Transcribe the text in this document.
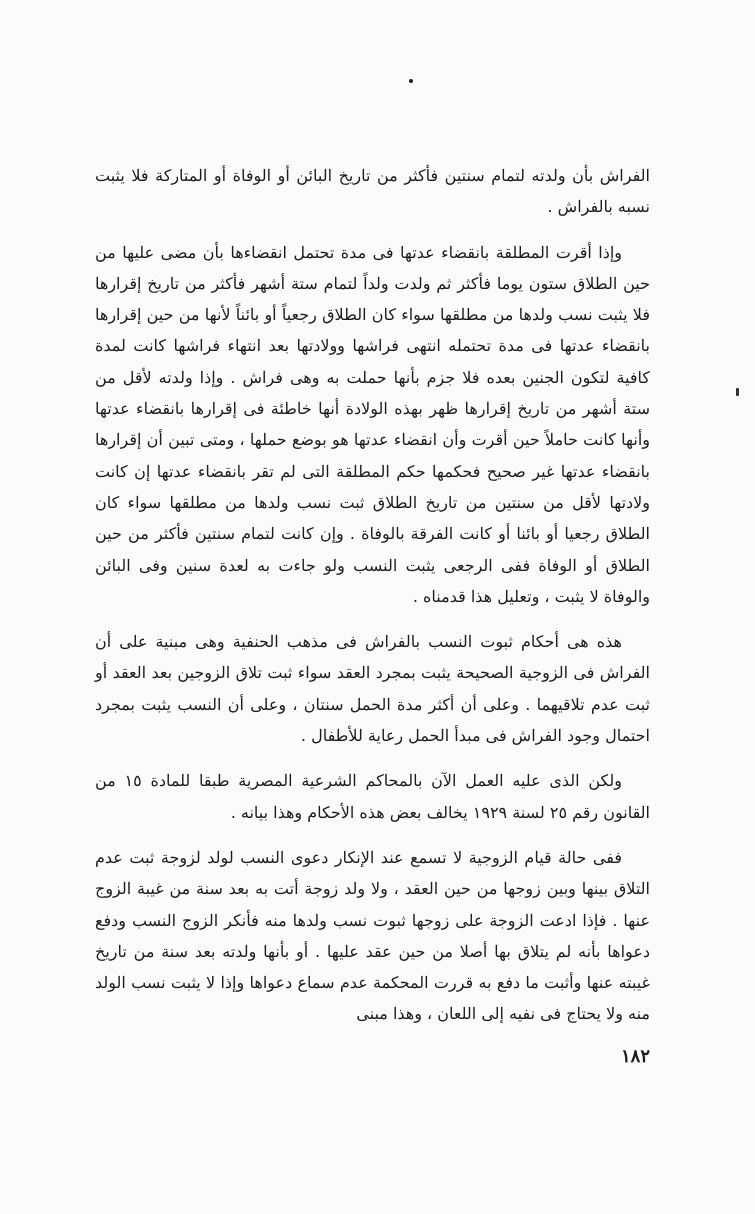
الفراش بأن ولدته لتمام سنتين فأكثر من تاريخ البائن أو الوفاة أو المتاركة فلا يثبت نسبه بالفراش .

وإذا أقرت المطلقة بانقضاء عدتها فى مدة تحتمل انقضاءها بأن مضى عليها من حين الطلاق ستون يوما فأكثر ثم ولدت ولداً لتمام ستة أشهر فأكثر من تاريخ إقرارها فلا يثبت نسب ولدها من مطلقها سواء كان الطلاق رجعياً أو بائناً لأنها من حين إقرارها بانقضاء عدتها فى مدة تحتمله انتهى فراشها وولادتها بعد انتهاء فراشها كانت لمدة كافية لتكون الجنين بعده فلا جزم بأنها حملت به وهى فراش . وإذا ولدته لأقل من ستة أشهر من تاريخ إقرارها ظهر بهذه الولادة أنها خاطئة فى إقرارها بانقضاء عدتها وأنها كانت حاملاً حين أقرت وأن انقضاء عدتها هو بوضع حملها ، ومتى تبين أن إقرارها بانقضاء عدتها غير صحيح فحكمها حكم المطلقة التى لم تقر بانقضاء عدتها إن كانت ولادتها لأقل من سنتين من تاريخ الطلاق ثبت نسب ولدها من مطلقها سواء كان الطلاق رجعيا أو بائنا أو كانت الفرقة بالوفاة . وإن كانت لتمام سنتين فأكثر من حين الطلاق أو الوفاة ففى الرجعى يثبت النسب ولو جاءت به لعدة سنين وفى البائن والوفاة لا يثبت ، وتعليل هذا قدمناه .

هذه هى أحكام ثبوت النسب بالفراش فى مذهب الحنفية وهى مبنية على أن الفراش فى الزوجية الصحيحة يثبت بمجرد العقد سواء ثبت تلاق الزوجين بعد العقد أو ثبت عدم تلاقيهما . وعلى أن أكثر مدة الحمل سنتان ، وعلى أن النسب يثبت بمجرد احتمال وجود الفراش فى مبدأ الحمل رعاية للأطفال .

ولكن الذى عليه العمل الآن بالمحاكم الشرعية المصرية طبقا للمادة ١٥ من القانون رقم ٢٥ لسنة ١٩٢٩ يخالف بعض هذه الأحكام وهذا بيانه .

ففى حالة قيام الزوجية لا تسمع عند الإنكار دعوى النسب لولد لزوجة ثبت عدم التلاق بينها وبين زوجها من حين العقد ، ولا ولد زوجة أتت به بعد سنة من غيبة الزوج عنها . فإذا ادعت الزوجة على زوجها ثبوت نسب ولدها منه فأنكر الزوج النسب ودفع دعواها بأنه لم يتلاق بها أصلا من حين عقد عليها . أو بأنها ولدته بعد سنة من تاريخ غيبته عنها وأثبت ما دفع به قررت المحكمة عدم سماع دعواها وإذا لا يثبت نسب الولد منه ولا يحتاج فى نفيه إلى اللعان ، وهذا مبنى

١٨٢
